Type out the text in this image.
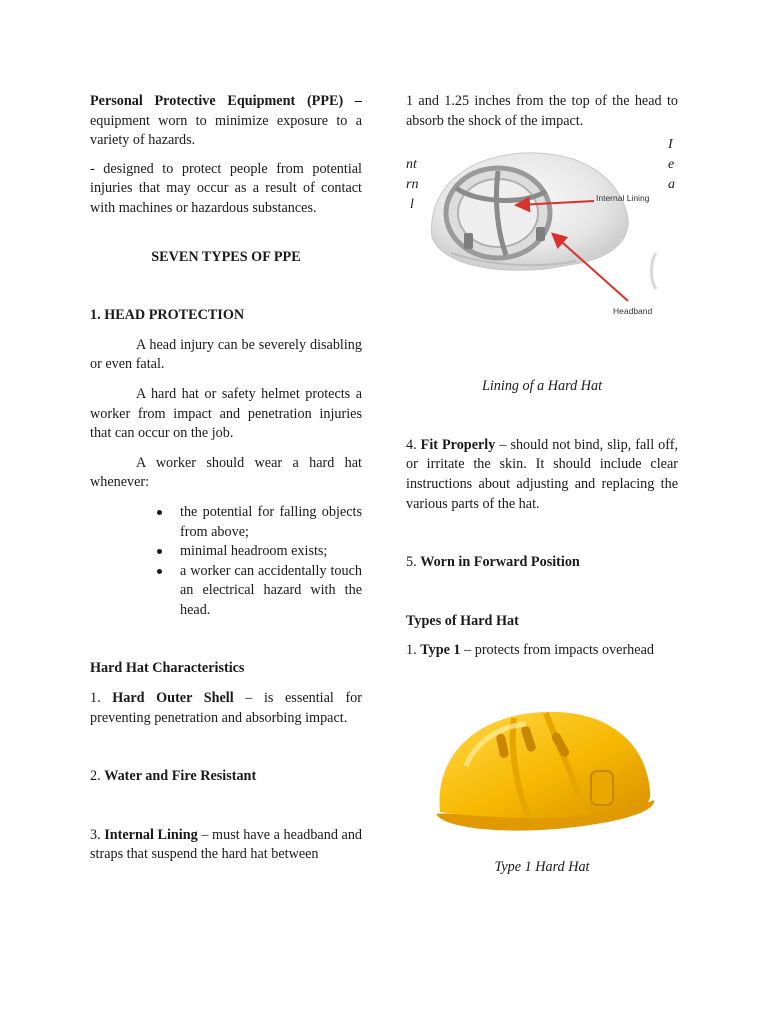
Personal Protective Equipment (PPE) – equipment worn to minimize exposure to a variety of hazards.

- designed to protect people from potential injuries that may occur as a result of contact with machines or hazardous substances.

SEVEN TYPES OF PPE

1. HEAD PROTECTION

A head injury can be severely disabling or even fatal.

A hard hat or safety helmet protects a worker from impact and penetration injuries that can occur on the job.

A worker should wear a hard hat whenever:

the potential for falling objects from above;
minimal headroom exists;
a worker can accidentally touch an electrical hazard with the head.

Hard Hat Characteristics

1. Hard Outer Shell – is essential for preventing penetration and absorbing impact.

2. Water and Fire Resistant

3. Internal Lining – must have a headband and straps that suspend the hard hat between

1 and 1.25 inches from the top of the head to absorb the shock of the impact.

Internal Lining
Headband
nt
rn
l
I
e
a

Lining of a Hard Hat

4. Fit Properly – should not bind, slip, fall off, or irritate the skin. It should include clear instructions about adjusting and replacing the various parts of the hat.

5. Worn in Forward Position

Types of Hard Hat

1. Type 1 – protects from impacts overhead

Type 1 Hard Hat
